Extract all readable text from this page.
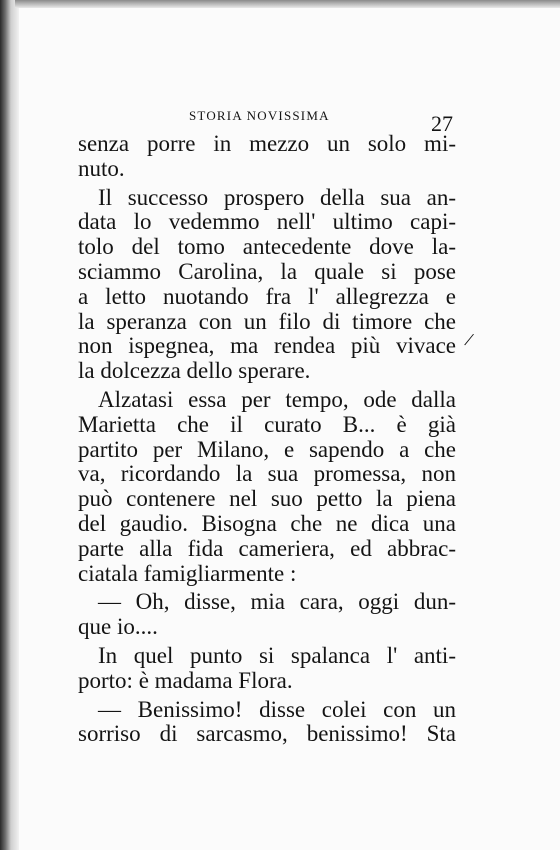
STORIA NOVISSIMA	27
senza porre in mezzo un solo mi-
nuto.
Il successo prospero della sua an-
data lo vedemmo nell' ultimo capi-
tolo del tomo antecedente dove la-
sciammo Carolina, la quale si pose
a letto nuotando fra l' allegrezza e
la speranza con un filo di timore che
non ispegnea, ma rendea più vivace
la dolcezza dello sperare.
Alzatasi essa per tempo, ode dalla
Marietta che il curato B... è già
partito per Milano, e sapendo a che
va, ricordando la sua promessa, non
può contenere nel suo petto la piena
del gaudio. Bisogna che ne dica una
parte alla fida cameriera, ed abbrac-
ciatala famigliarmente :
— Oh, disse, mia cara, oggi dun-
que io....
In quel punto si spalanca l' anti-
porto: è madama Flora.
— Benissimo! disse colei con un
sorriso di sarcasmo, benissimo! Sta
/
